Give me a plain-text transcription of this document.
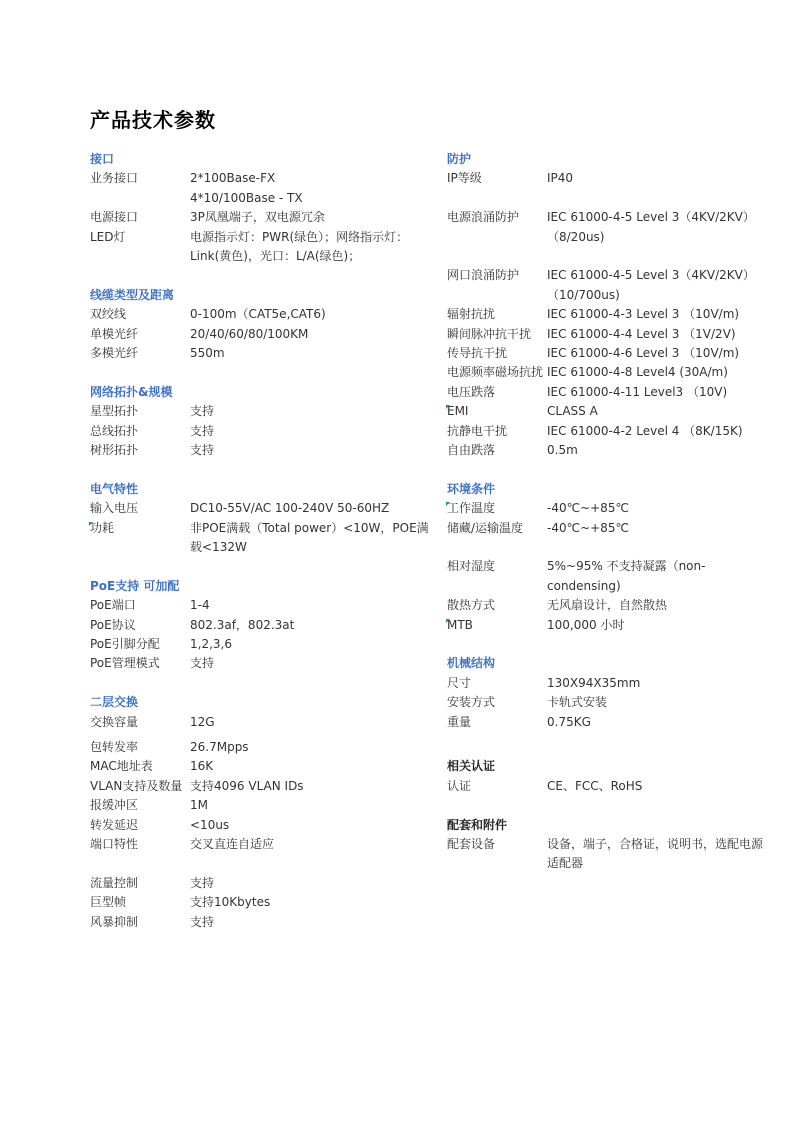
产品技术参数
接口
业务接口	2*100Base-FX
4*10/100Base - TX
电源接口	3P凤凰端子，双电源冗余
LED灯	电源指示灯：PWR(绿色）；网络指示灯：Link(黄色)，光口：L/A(绿色)；
线缆类型及距离
双绞线	0-100m（CAT5e,CAT6)
单模光纤	20/40/60/80/100KM
多模光纤	550m
网络拓扑&规模
星型拓扑	支持
总线拓扑	支持
树形拓扑	支持
电气特性
输入电压	DC10-55V/AC 100-240V 50-60HZ
功耗	非POE满载（Total power）<10W，POE满载<132W
PoE支持 可加配
PoE端口	1-4
PoE协议	802.3af，802.3at
PoE引脚分配	1,2,3,6
PoE管理模式	支持
二层交换
交换容量	12G
包转发率	26.7Mpps
MAC地址表	16K
VLAN支持及数量 支持4096 VLAN IDs
报缓冲区	1M
转发延迟	<10us
端口特性	交叉直连自适应
流量控制	支持
巨型帧	支持10Kbytes
风暴抑制	支持
防护
IP等级	IP40
电源浪涌防护	IEC 61000-4-5 Level 3（4KV/2KV）
（8/20us)
网口浪涌防护	IEC 61000-4-5 Level 3（4KV/2KV）
（10/700us)
辐射抗扰	IEC 61000-4-3 Level 3 （10V/m)
瞬间脉冲抗干扰	IEC 61000-4-4 Level 3 （1V/2V)
传导抗干扰	IEC 61000-4-6 Level 3 （10V/m)
电源频率磁场抗扰 IEC 61000-4-8 Level4 (30A/m)
电压跌落	IEC 61000-4-11 Level3 （10V)
EMI	CLASS A
抗静电干扰	IEC 61000-4-2 Level 4 （8K/15K)
自由跌落	0.5m
环境条件
工作温度	-40℃~+85℃
储藏/运输温度	-40℃~+85℃
相对湿度	5%~95% 不支持凝露（non-condensing)
散热方式	无风扇设计，自然散热
MTB	100,000 小时
机械结构
尺寸	130X94X35mm
安装方式	卡轨式安装
重量	0.75KG
相关认证
认证	CE、FCC、RoHS
配套和附件
配套设备	设备，端子，合格证，说明书，选配电源适配器
